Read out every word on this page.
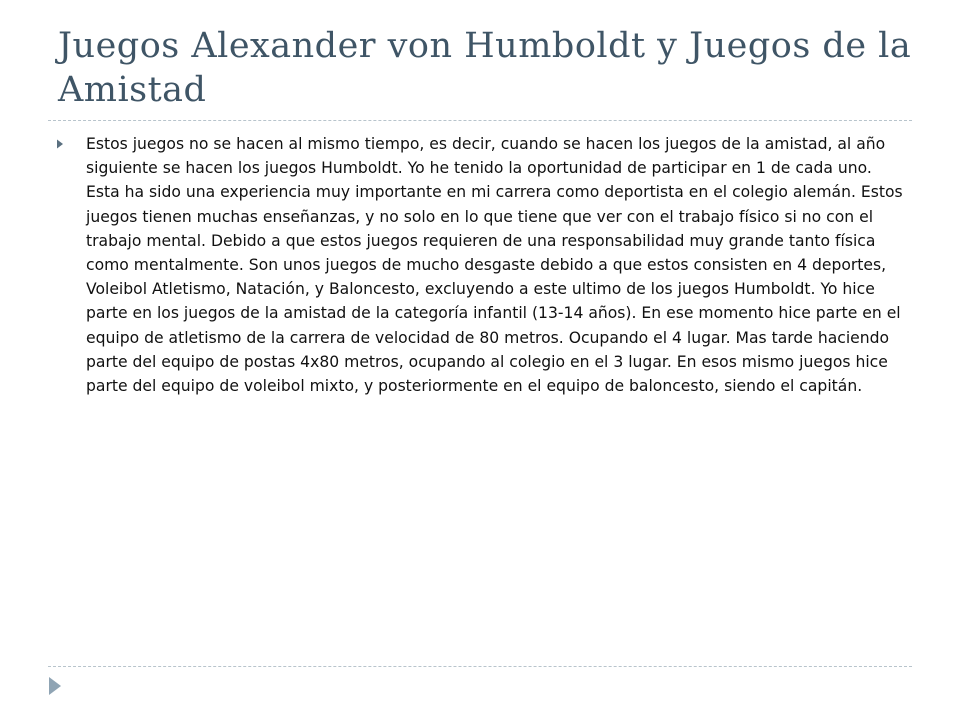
Juegos Alexander von Humboldt y Juegos de la Amistad

Estos juegos no se hacen al mismo tiempo, es decir, cuando se hacen los juegos de la amistad, al año siguiente se hacen los juegos Humboldt. Yo he tenido la oportunidad de participar en 1 de cada uno. Esta ha sido una experiencia muy importante en mi carrera como deportista en el colegio alemán. Estos juegos tienen muchas enseñanzas, y no solo en lo que tiene que ver con el trabajo físico si no con el trabajo mental. Debido a que estos juegos requieren de una responsabilidad muy grande tanto física como mentalmente. Son unos juegos de mucho desgaste debido a que estos consisten en 4 deportes, Voleibol Atletismo, Natación, y Baloncesto, excluyendo a este ultimo de los juegos Humboldt. Yo hice parte en los juegos de la amistad de la categoría infantil (13-14 años). En ese momento hice parte en el equipo de atletismo de la carrera de velocidad de 80 metros. Ocupando el 4 lugar. Mas tarde haciendo parte del equipo de postas 4x80 metros, ocupando al colegio en el 3 lugar. En esos mismo juegos hice parte del equipo de voleibol mixto, y posteriormente en el equipo de baloncesto, siendo el capitán.
